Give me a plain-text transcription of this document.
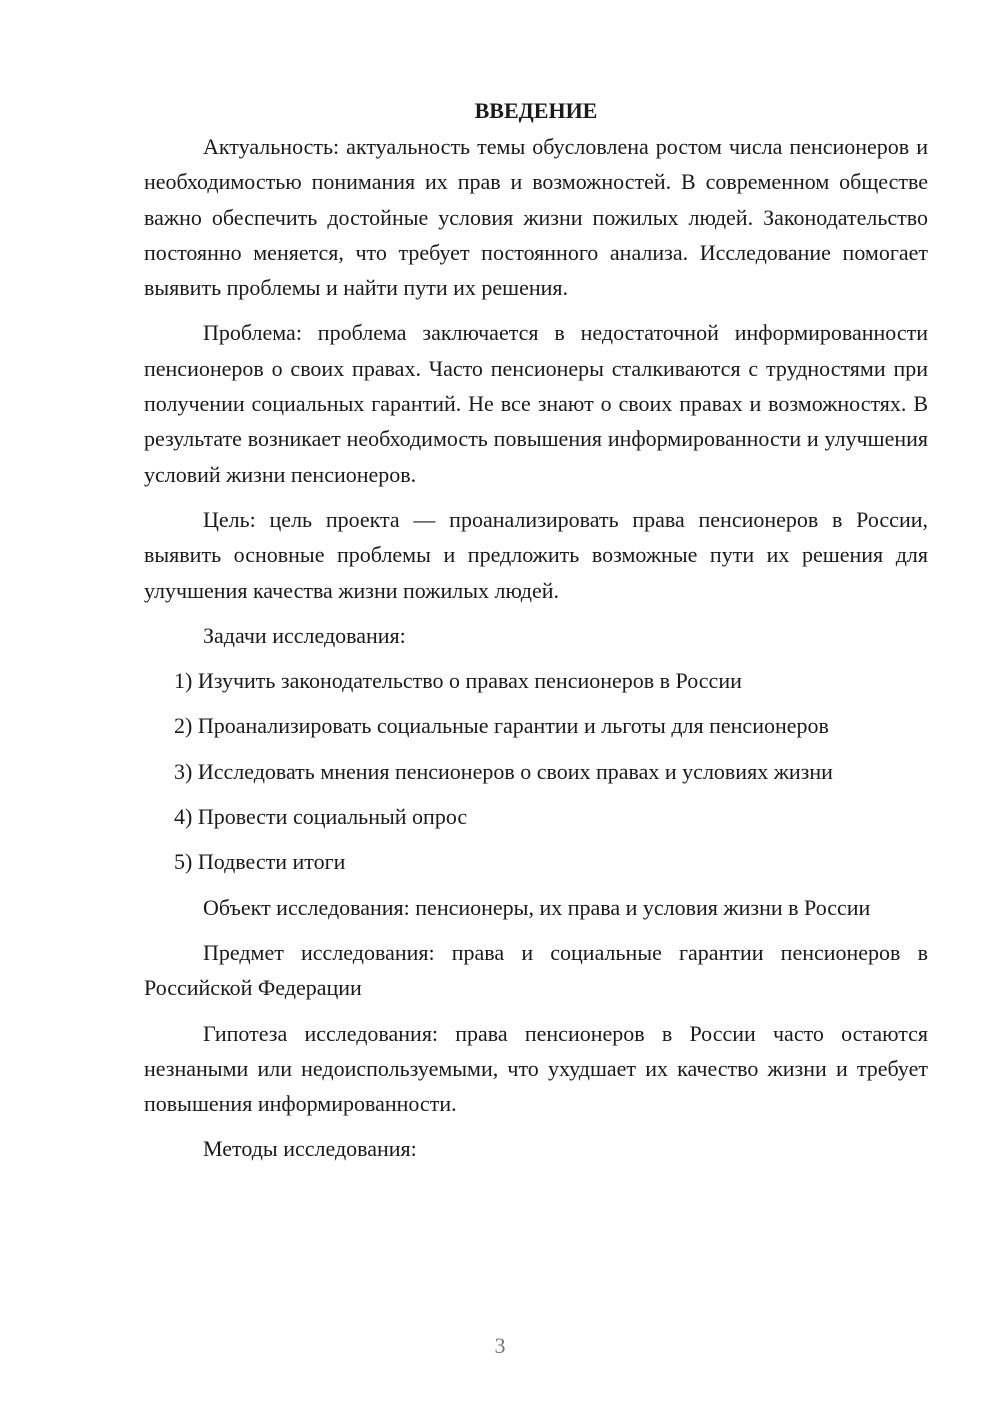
ВВЕДЕНИЕ

Актуальность: актуальность темы обусловлена ростом числа пенсионеров и необходимостью понимания их прав и возможностей. В современном обществе важно обеспечить достойные условия жизни пожилых людей. Законодательство постоянно меняется, что требует постоянного анализа. Исследование помогает выявить проблемы и найти пути их решения.

Проблема: проблема заключается в недостаточной информированности пенсионеров о своих правах. Часто пенсионеры сталкиваются с трудностями при получении социальных гарантий. Не все знают о своих правах и возможностях. В результате возникает необходимость повышения информированности и улучшения условий жизни пенсионеров.

Цель: цель проекта — проанализировать права пенсионеров в России, выявить основные проблемы и предложить возможные пути их решения для улучшения качества жизни пожилых людей.

Задачи исследования:

1) Изучить законодательство о правах пенсионеров в России

2) Проанализировать социальные гарантии и льготы для пенсионеров

3) Исследовать мнения пенсионеров о своих правах и условиях жизни

4) Провести социальный опрос

5) Подвести итоги

Объект исследования: пенсионеры, их права и условия жизни в России

Предмет исследования: права и социальные гарантии пенсионеров в Российской Федерации

Гипотеза исследования: права пенсионеров в России часто остаются незнаными или недоиспользуемыми, что ухудшает их качество жизни и требует повышения информированности.

Методы исследования:

3
